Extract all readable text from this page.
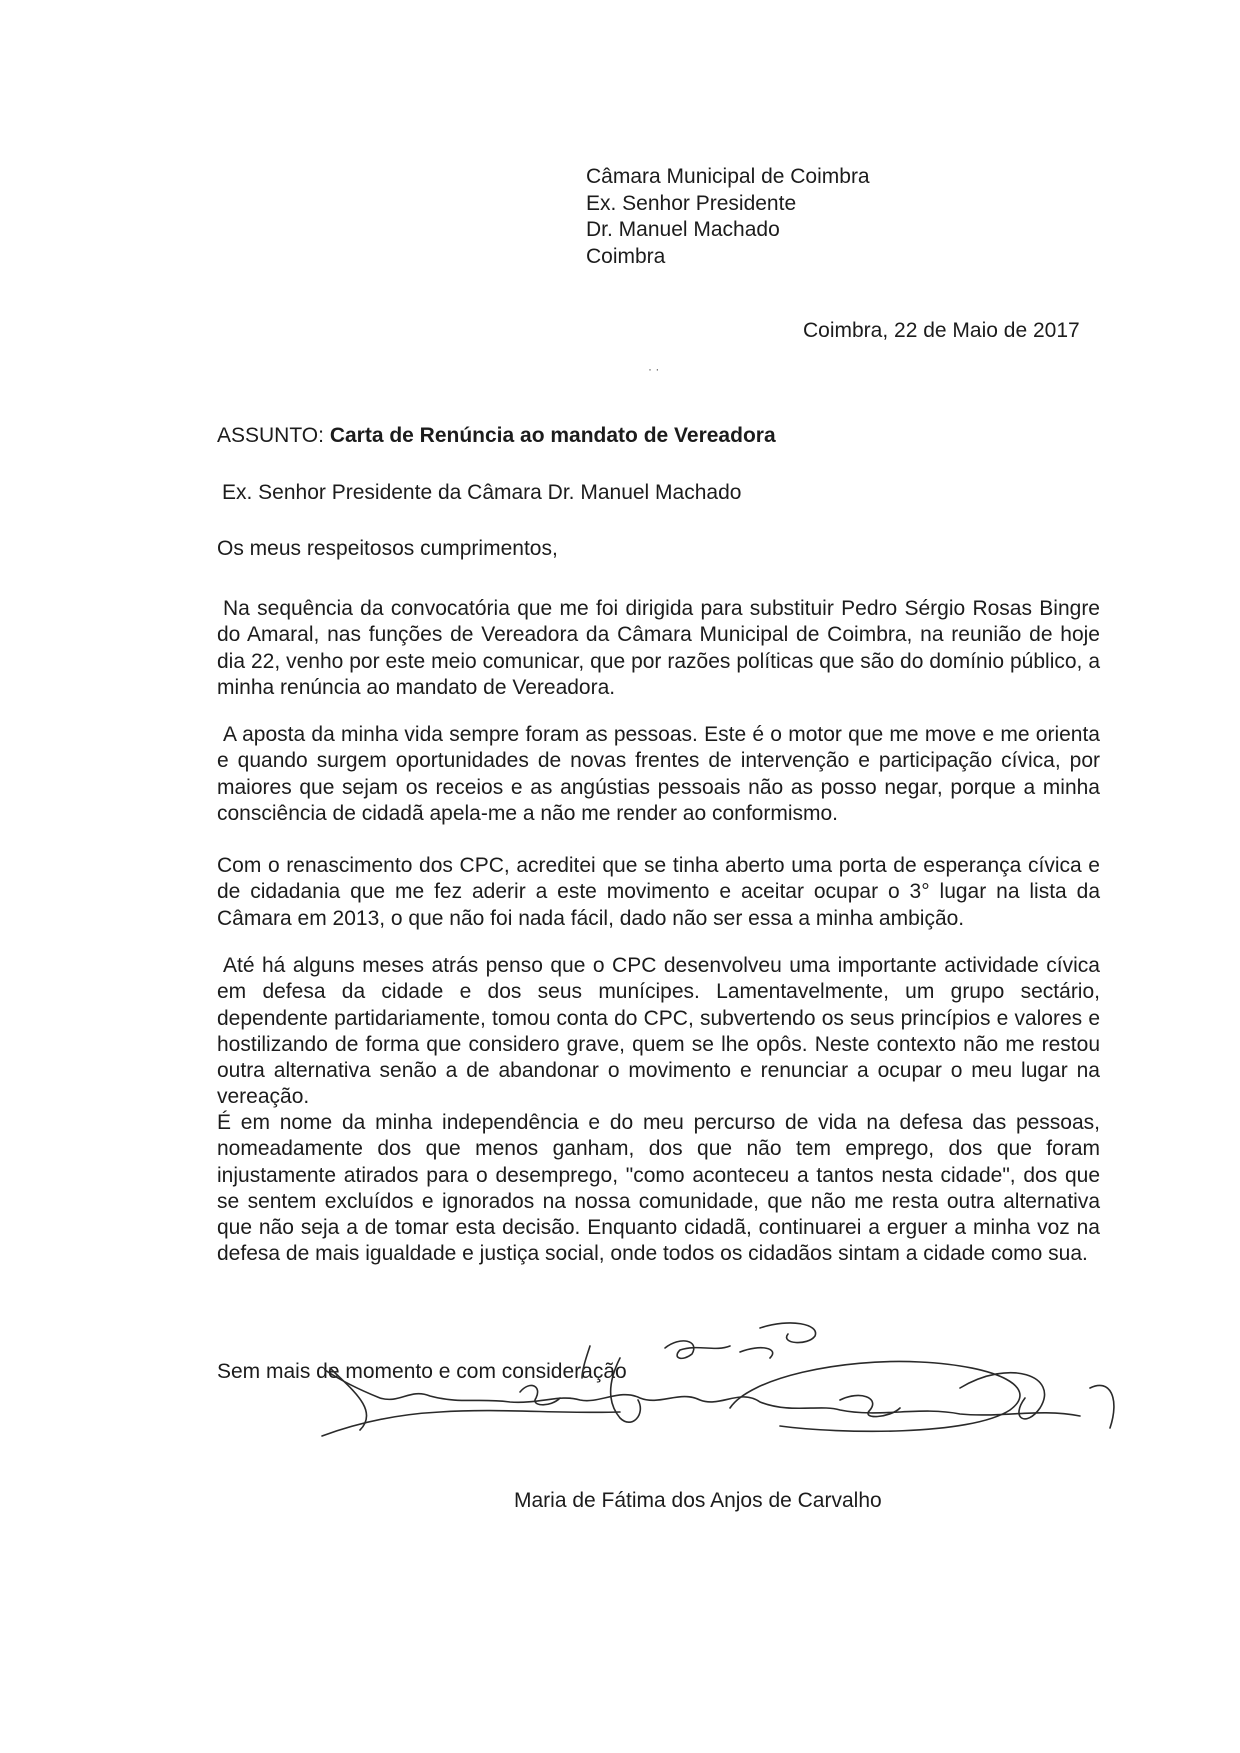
Câmara Municipal de Coimbra
Ex. Senhor Presidente
Dr. Manuel Machado
Coimbra
Coimbra, 22 de Maio de 2017
· ·
ASSUNTO: Carta de Renúncia ao mandato de Vereadora
Ex. Senhor Presidente da Câmara Dr. Manuel Machado
Os meus respeitosos cumprimentos,
Na sequência da convocatória que me foi dirigida para substituir Pedro Sérgio Rosas Bingre do Amaral, nas funções de Vereadora da Câmara Municipal de Coimbra, na reunião de hoje dia 22, venho por este meio comunicar, que por razões políticas que são do domínio público, a minha renúncia ao mandato de Vereadora.
A aposta da minha vida sempre foram as pessoas. Este é o motor que me move e me orienta e quando surgem oportunidades de novas frentes de intervenção e participação cívica, por maiores que sejam os receios e as angústias pessoais não as posso negar, porque a minha consciência de cidadã apela-me a não me render ao conformismo.
Com o renascimento dos CPC, acreditei que se tinha aberto uma porta de esperança cívica e de cidadania que me fez aderir a este movimento e aceitar ocupar o 3° lugar na lista da Câmara em 2013, o que não foi nada fácil, dado não ser essa a minha ambição.
Até há alguns meses atrás penso que o CPC desenvolveu uma importante actividade cívica em defesa da cidade e dos seus munícipes. Lamentavelmente, um grupo sectário, dependente partidariamente, tomou conta do CPC, subvertendo os seus princípios e valores e hostilizando de forma que considero grave, quem se lhe opôs. Neste contexto não me restou outra alternativa senão a de abandonar o movimento e renunciar a ocupar o meu lugar na vereação.
É em nome da minha independência e do meu percurso de vida na defesa das pessoas, nomeadamente dos que menos ganham, dos que não tem emprego, dos que foram injustamente atirados para o desemprego, "como aconteceu a tantos nesta cidade", dos que se sentem excluídos e ignorados na nossa comunidade, que não me resta outra alternativa que não seja a de tomar esta decisão. Enquanto cidadã, continuarei a erguer a minha voz na defesa de mais igualdade e justiça social, onde todos os cidadãos sintam a cidade como sua.
Sem mais de momento e com consideração
Maria de Fátima dos Anjos de Carvalho
